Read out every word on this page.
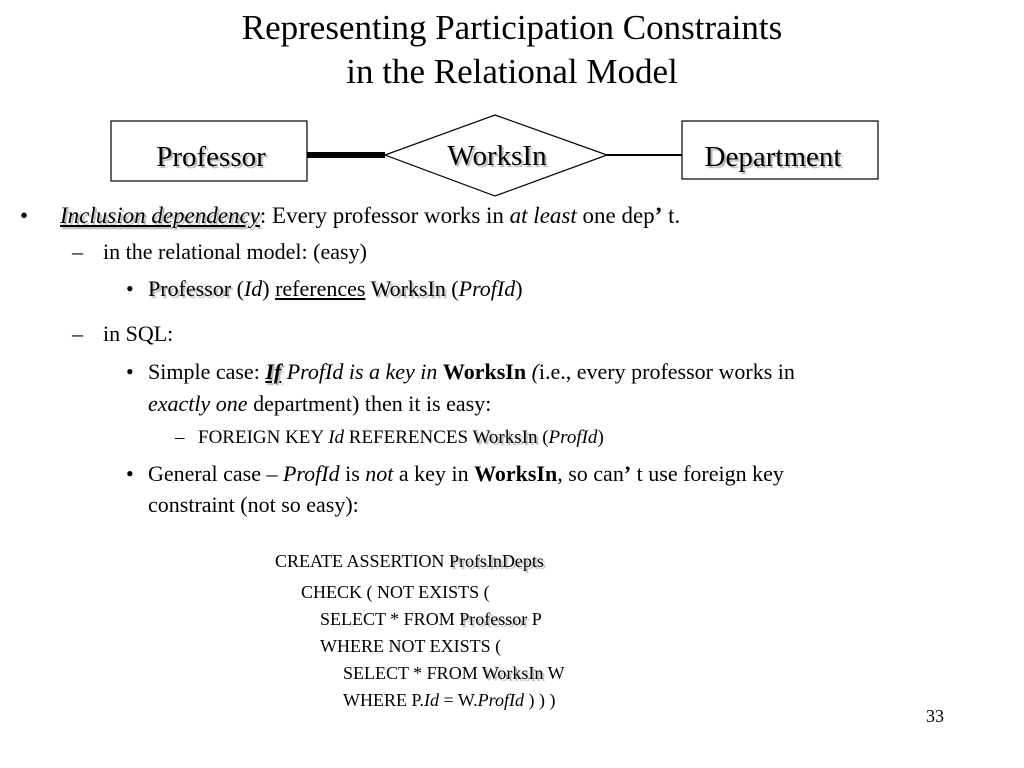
Representing Participation Constraints
in the Relational Model
Professor	WorksIn	Department
• Inclusion dependency: Every professor works in at least one dep’ t.
– in the relational model: (easy)
• Professor (Id) references WorksIn (ProfId)
– in SQL:
• Simple case: If ProfId is a key in WorksIn (i.e., every professor works in
exactly one department) then it is easy:
– FOREIGN KEY Id REFERENCES WorksIn (ProfId)
• General case – ProfId is not a key in WorksIn, so can’ t use foreign key
constraint (not so easy):
CREATE ASSERTION ProfsInDepts
CHECK ( NOT EXISTS (
SELECT * FROM Professor P
WHERE NOT EXISTS (
SELECT * FROM WorksIn W
WHERE P.Id = W.ProfId ) ) )
33
